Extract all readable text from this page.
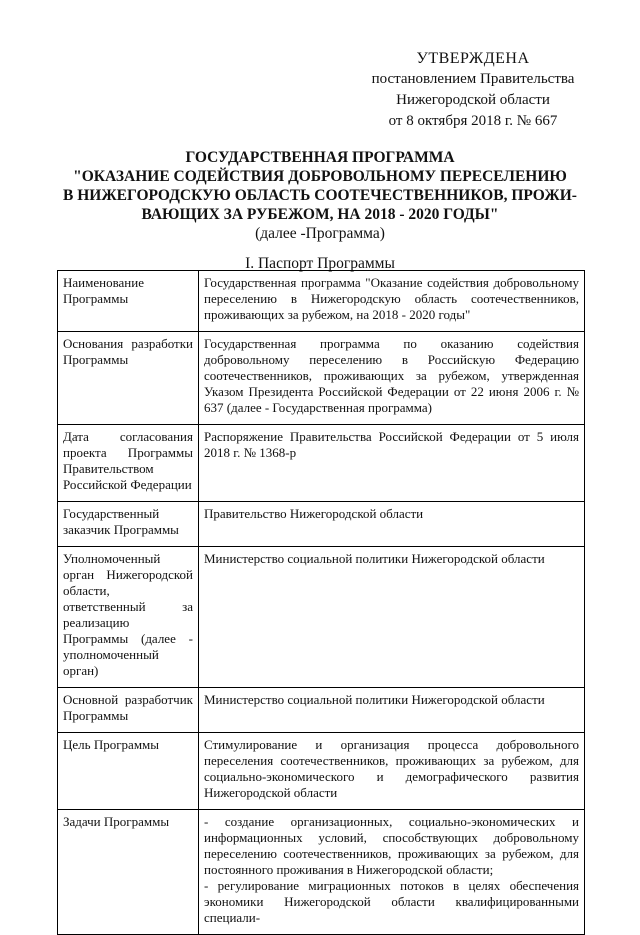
УТВЕРЖДЕНА
постановлением Правительства
Нижегородской области
от 8 октября 2018 г. № 667
ГОСУДАРСТВЕННАЯ ПРОГРАММА
"ОКАЗАНИЕ СОДЕЙСТВИЯ ДОБРОВОЛЬНОМУ ПЕРЕСЕЛЕНИЮ
В НИЖЕГОРОДСКУЮ ОБЛАСТЬ СООТЕЧЕСТВЕННИКОВ, ПРОЖИ-
ВАЮЩИХ ЗА РУБЕЖОМ, НА 2018 - 2020 ГОДЫ"
(далее -Программа)
I. Паспорт Программы
Наименование Программы	Государственная программа "Оказание содействия добровольному переселению в Нижегородскую область соотечественников, проживающих за рубежом, на 2018 - 2020 годы"
Основания разработки Программы	Государственная программа по оказанию содействия добровольному переселению в Российскую Федерацию соотечественников, проживающих за рубежом, утвержденная Указом Президента Российской Федерации от 22 июня 2006 г. № 637 (далее - Государственная программа)
Дата согласования проекта Программы Правительством Российской Федерации	Распоряжение Правительства Российской Федерации от 5 июля 2018 г. № 1368-р
Государственный заказчик Программы	Правительство Нижегородской области
Уполномоченный орган Нижегородской области, ответственный за реализацию Программы (далее - уполномоченный орган)	Министерство социальной политики Нижегородской области
Основной разработчик Программы	Министерство социальной политики Нижегородской области
Цель Программы	Стимулирование и организация процесса добровольного переселения соотечественников, проживающих за рубежом, для социально-экономического и демографического развития Нижегородской области
Задачи Программы	- создание организационных, социально-экономических и информационных условий, способствующих добровольному переселению соотечественников, проживающих за рубежом, для постоянного проживания в Нижегородской области;
- регулирование миграционных потоков в целях обеспечения экономики Нижегородской области квалифицированными специали-
